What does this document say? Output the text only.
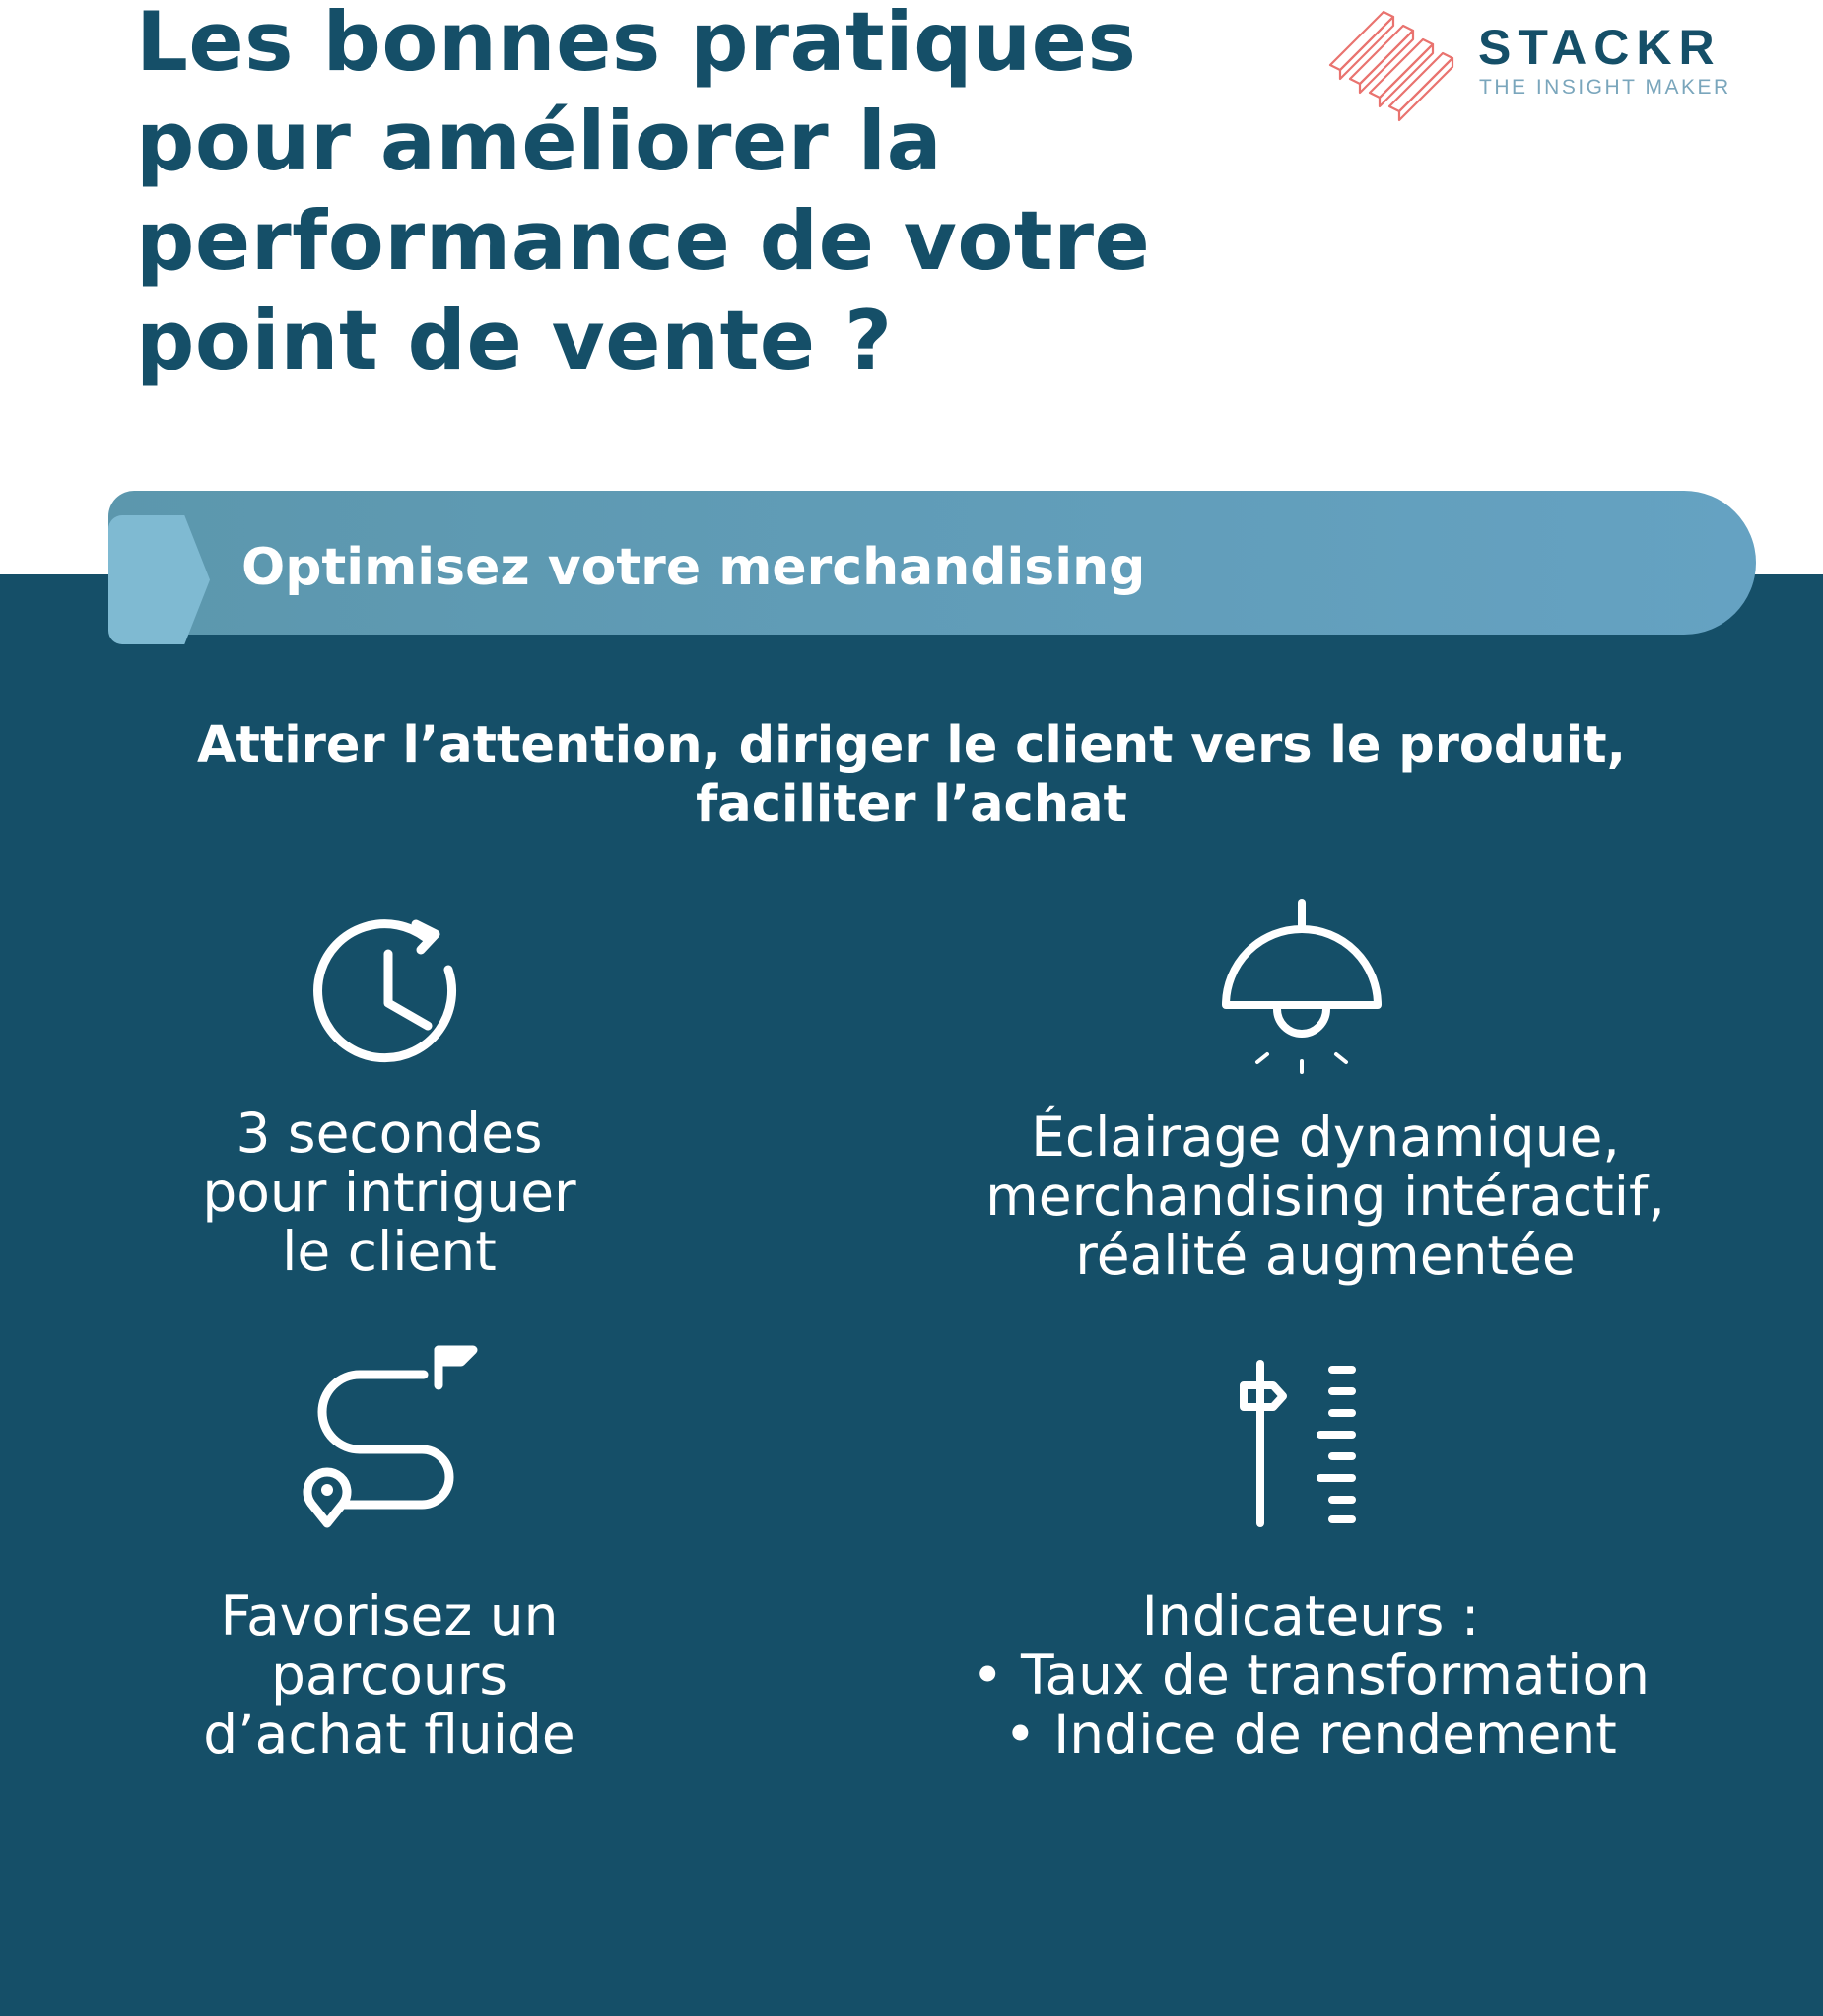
Les bonnes pratiques
pour améliorer la
performance de votre
point de vente ?
STACKR
THE INSIGHT MAKER
Optimisez votre merchandising
Attirer l’attention, diriger le client vers le produit,
faciliter l’achat
3 secondes
pour intriguer
le client
Éclairage dynamique,
merchandising intéractif,
réalité augmentée
Favorisez un
parcours
d’achat fluide
Indicateurs :
• Taux de transformation
• Indice de rendement
